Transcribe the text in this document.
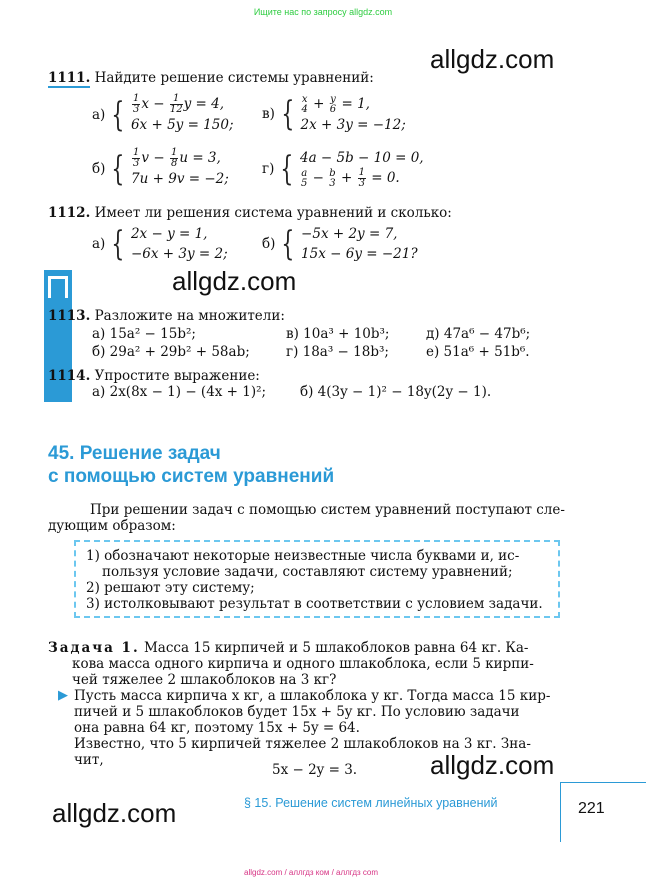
Ищите нас по запросу allgdz.com
allgdz.com
1111. Найдите решение системы уравнений:
а) { $\frac{1}{3}$ $x - \frac{1}{12}$ y = 4,
6x + 5y = 150;
в) { x
4 + y
6 = 1,
2x + 3y = −12;
б) { $\frac{1}{3}$ $v - \frac{1}{8}$ u = 3,
7u + 9v = −2;
г) { 4a − 5b − 10 = 0,
a
5 − b
$3 + \frac{1}{3} = 0$.
1112. Имеет ли решения система уравнений и сколько:
а) { 2x − y = 1,
−6x + 3y = 2;
б) { −5x + 2y = 7,
15x − 6y = −21?
allgdz.com
1113. Разложите на множители:
а) 15a² − 15b²;	в) 10a³ + 10b³;	д) 47a⁶ − 47b⁶;
б) 29a² + 29b² + 58ab;	г) 18a³ − 18b³;	е) 51a⁶ + 51b⁶.
1114. Упростите выражение:
а) 2x(8x − 1) − (4x + 1)²;	б) 4(3y − 1)² − 18y(2y − 1).
45. Решение задач
с помощью систем уравнений
При решении задач с помощью систем уравнений поступают сле-
дующим образом:
1) обозначают некоторые неизвестные числа буквами и, ис-
пользуя условие задачи, составляют систему уравнений;
2) решают эту систему;
3) истолковывают результат в соответствии с условием задачи.
Задача 1. Масса 15 кирпичей и 5 шлакоблоков равна 64 кг. Ка-
кова масса одного кирпича и одного шлакоблока, если 5 кирпи-
чей тяжелее 2 шлакоблоков на 3 кг?
▶ Пусть масса кирпича x кг, а шлакоблока y кг. Тогда масса 15 кир-
пичей и 5 шлакоблоков будет 15x + 5y кг. По условию задачи
она равна 64 кг, поэтому 15x + 5y = 64.
Известно, что 5 кирпичей тяжелее 2 шлакоблоков на 3 кг. Зна-
чит,
5x − 2y = 3.	allgdz.com
allgdz.com	§ 15. Решение систем линейных уравнений	221
allgdz.com / аллгдз ком / аллгдз com
